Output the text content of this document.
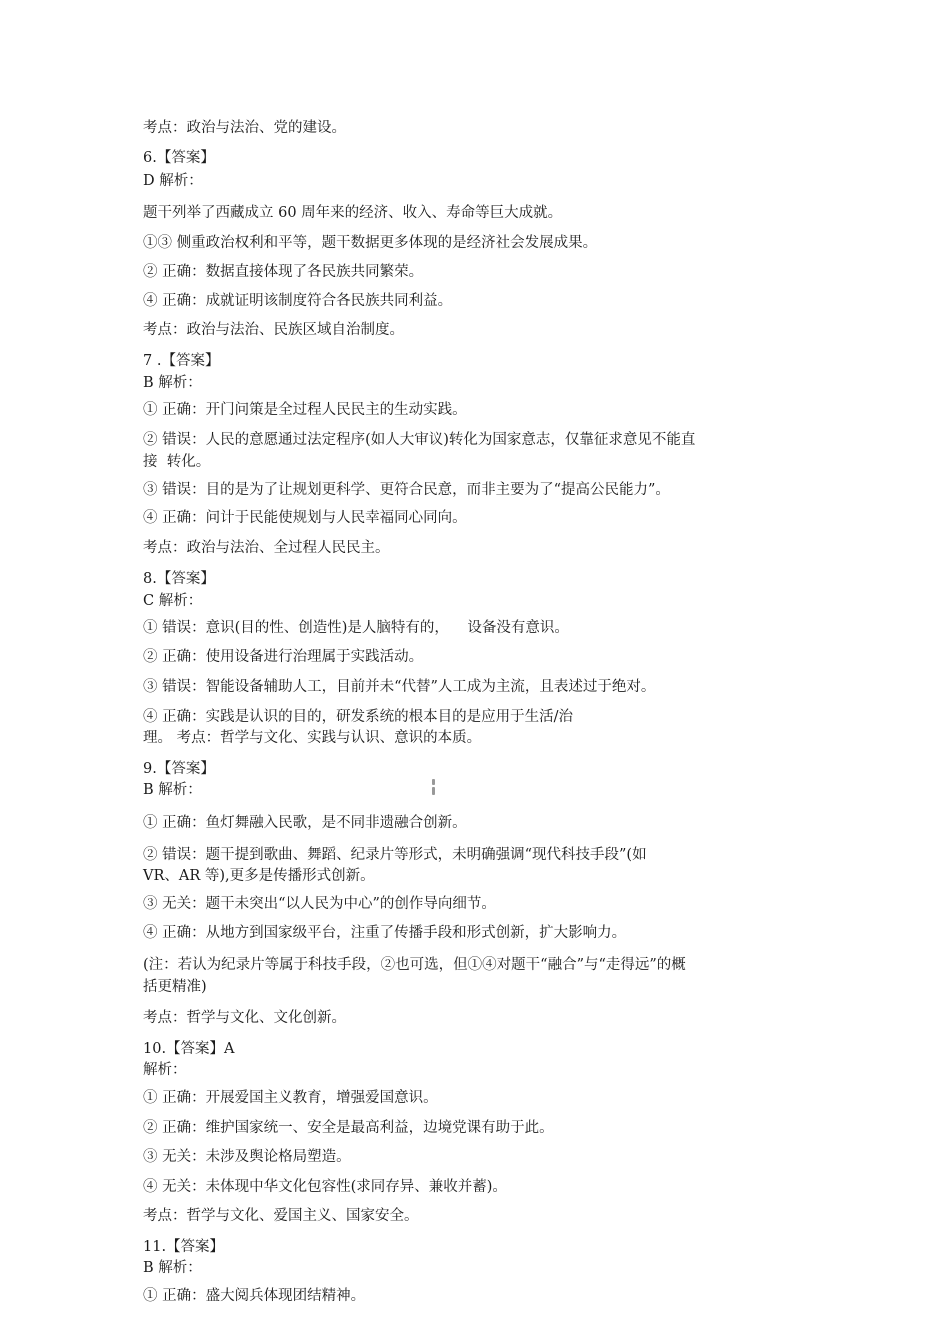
考点：政治与法治、党的建设。
6.【答案】
D 解析：
题干列举了西藏成立 60 周年来的经济、收入、寿命等巨大成就。
①③ 侧重政治权利和平等，题干数据更多体现的是经济社会发展成果。
② 正确：数据直接体现了各民族共同繁荣。
④ 正确：成就证明该制度符合各民族共同利益。
考点：政治与法治、民族区域自治制度。
7 .【答案】
B 解析：
① 正确：开门问策是全过程人民民主的生动实践。
② 错误：人民的意愿通过法定程序(如人大审议)转化为国家意志，仅靠征求意见不能直
接  转化。
③ 错误：目的是为了让规划更科学、更符合民意，而非主要为了“提高公民能力”。
④ 正确：问计于民能使规划与人民幸福同心同向。
考点：政治与法治、全过程人民民主。
8.【答案】
C 解析：
① 错误：意识(目的性、创造性)是人脑特有的，    设备没有意识。
② 正确：使用设备进行治理属于实践活动。
③ 错误：智能设备辅助人工，目前并未“代替”人工成为主流，且表述过于绝对。
④ 正确：实践是认识的目的，研发系统的根本目的是应用于生活/治
理。 考点：哲学与文化、实践与认识、意识的本质。
9.【答案】
B 解析：
① 正确：鱼灯舞融入民歌，是不同非遗融合创新。
② 错误：题干提到歌曲、舞蹈、纪录片等形式，未明确强调“现代科技手段”(如
VR、AR 等),更多是传播形式创新。
③ 无关：题干未突出“以人民为中心”的创作导向细节。
④ 正确：从地方到国家级平台，注重了传播手段和形式创新，扩大影响力。
(注：若认为纪录片等属于科技手段，②也可选，但①④对题干“融合”与“走得远”的概
括更精准)
考点：哲学与文化、文化创新。
10.【答案】A
解析：
① 正确：开展爱国主义教育，增强爱国意识。
② 正确：维护国家统一、安全是最高利益，边境党课有助于此。
③ 无关：未涉及舆论格局塑造。
④ 无关：未体现中华文化包容性(求同存异、兼收并蓄)。
考点：哲学与文化、爱国主义、国家安全。
11.【答案】
B 解析：
① 正确：盛大阅兵体现团结精神。
